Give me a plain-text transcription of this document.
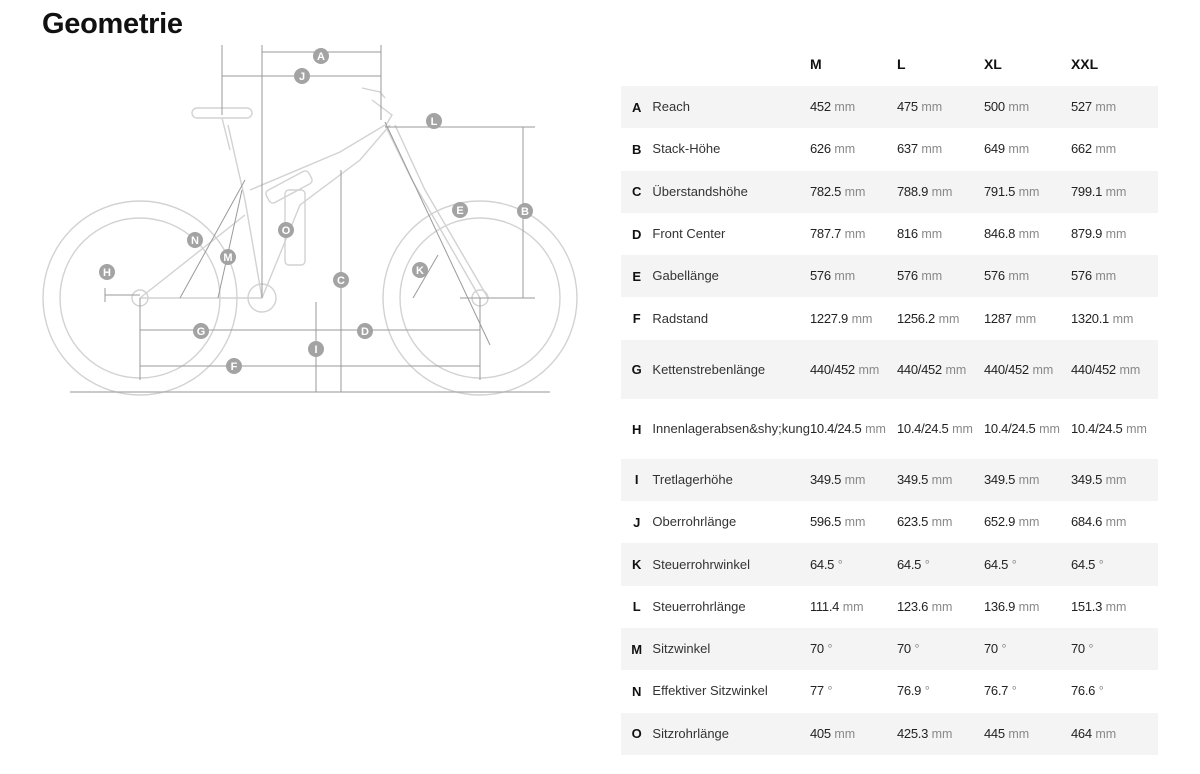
Geometrie
A
J
L
B
E
O
N
M
C
K
H
G	D
I
F
		M	L	XL	XXL
A	Reach	452 mm	475 mm	500 mm	527 mm
B	Stack-Höhe	626 mm	637 mm	649 mm	662 mm
C	Überstandshöhe	782.5 mm	788.9 mm	791.5 mm	799.1 mm
D	Front Center	787.7 mm	816 mm	846.8 mm	879.9 mm
E	Gabellänge	576 mm	576 mm	576 mm	576 mm
F	Radstand	1227.9 mm	1256.2 mm	1287 mm	1320.1 mm
G	Kettenstrebenlänge	440/452 mm	440/452 mm	440/452 mm	440/452 mm
H	Innenlagerabsen&shy;kung	10.4/24.5 mm	10.4/24.5 mm	10.4/24.5 mm	10.4/24.5 mm
I	Tretlagerhöhe	349.5 mm	349.5 mm	349.5 mm	349.5 mm
J	Oberrohrlänge	596.5 mm	623.5 mm	652.9 mm	684.6 mm
K	Steuerrohrwinkel	64.5 °	64.5 °	64.5 °	64.5 °
L	Steuerrohrlänge	111.4 mm	123.6 mm	136.9 mm	151.3 mm
M	Sitzwinkel	70 °	70 °	70 °	70 °
N	Effektiver Sitzwinkel	77 °	76.9 °	76.7 °	76.6 °
O	Sitzrohrlänge	405 mm	425.3 mm	445 mm	464 mm
